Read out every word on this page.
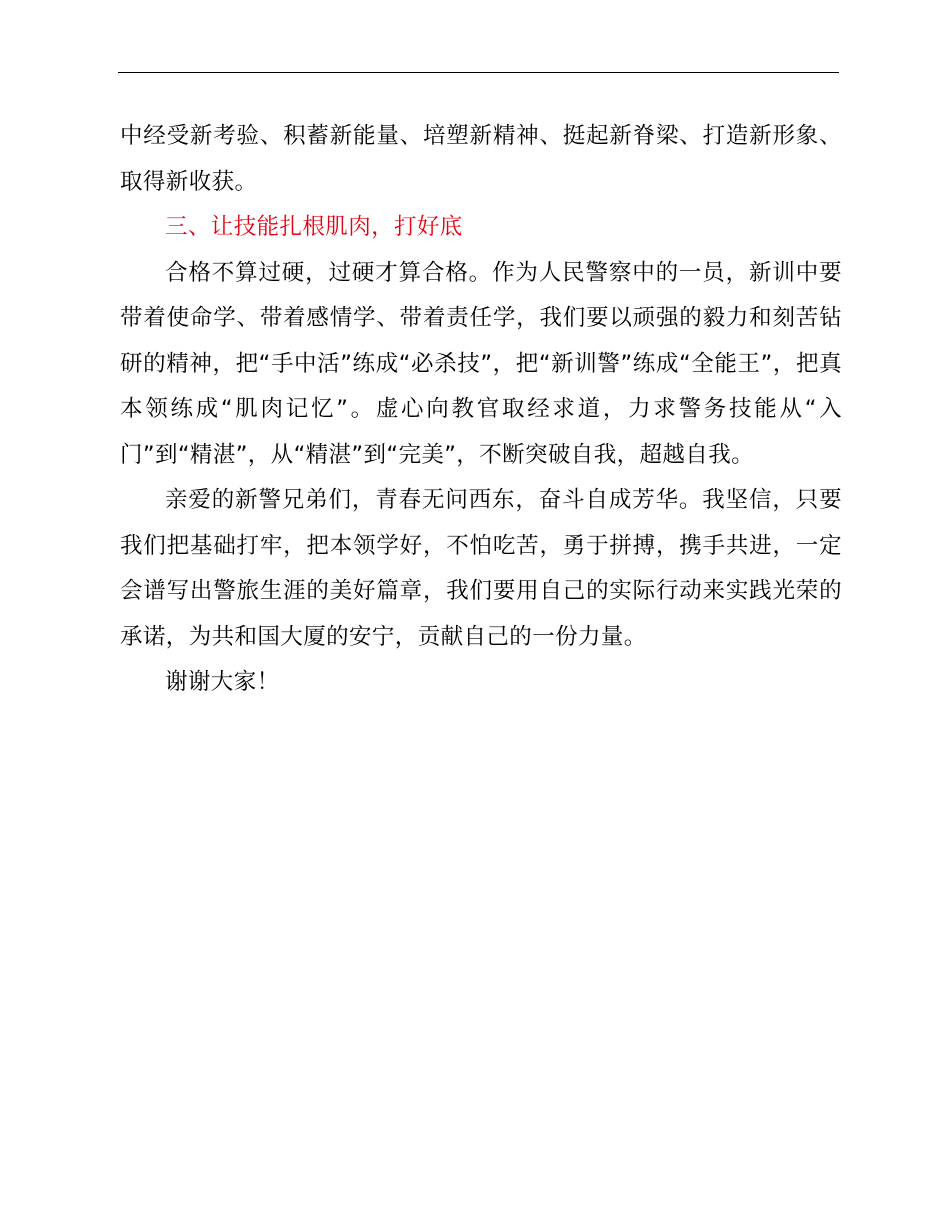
中经受新考验、积蓄新能量、培塑新精神、挺起新脊梁、打造新形象、取得新收获。

三、让技能扎根肌肉，打好底

合格不算过硬，过硬才算合格。作为人民警察中的一员，新训中要带着使命学、带着感情学、带着责任学，我们要以顽强的毅力和刻苦钻研的精神，把“手中活”练成“必杀技”，把“新训警”练成“全能王”，把真本领练成“肌肉记忆”。虚心向教官取经求道，力求警务技能从“入门”到“精湛”，从“精湛”到“完美”，不断突破自我，超越自我。

亲爱的新警兄弟们，青春无问西东，奋斗自成芳华。我坚信，只要我们把基础打牢，把本领学好，不怕吃苦，勇于拼搏，携手共进，一定会谱写出警旅生涯的美好篇章，我们要用自己的实际行动来实践光荣的承诺，为共和国大厦的安宁，贡献自己的一份力量。

谢谢大家！
